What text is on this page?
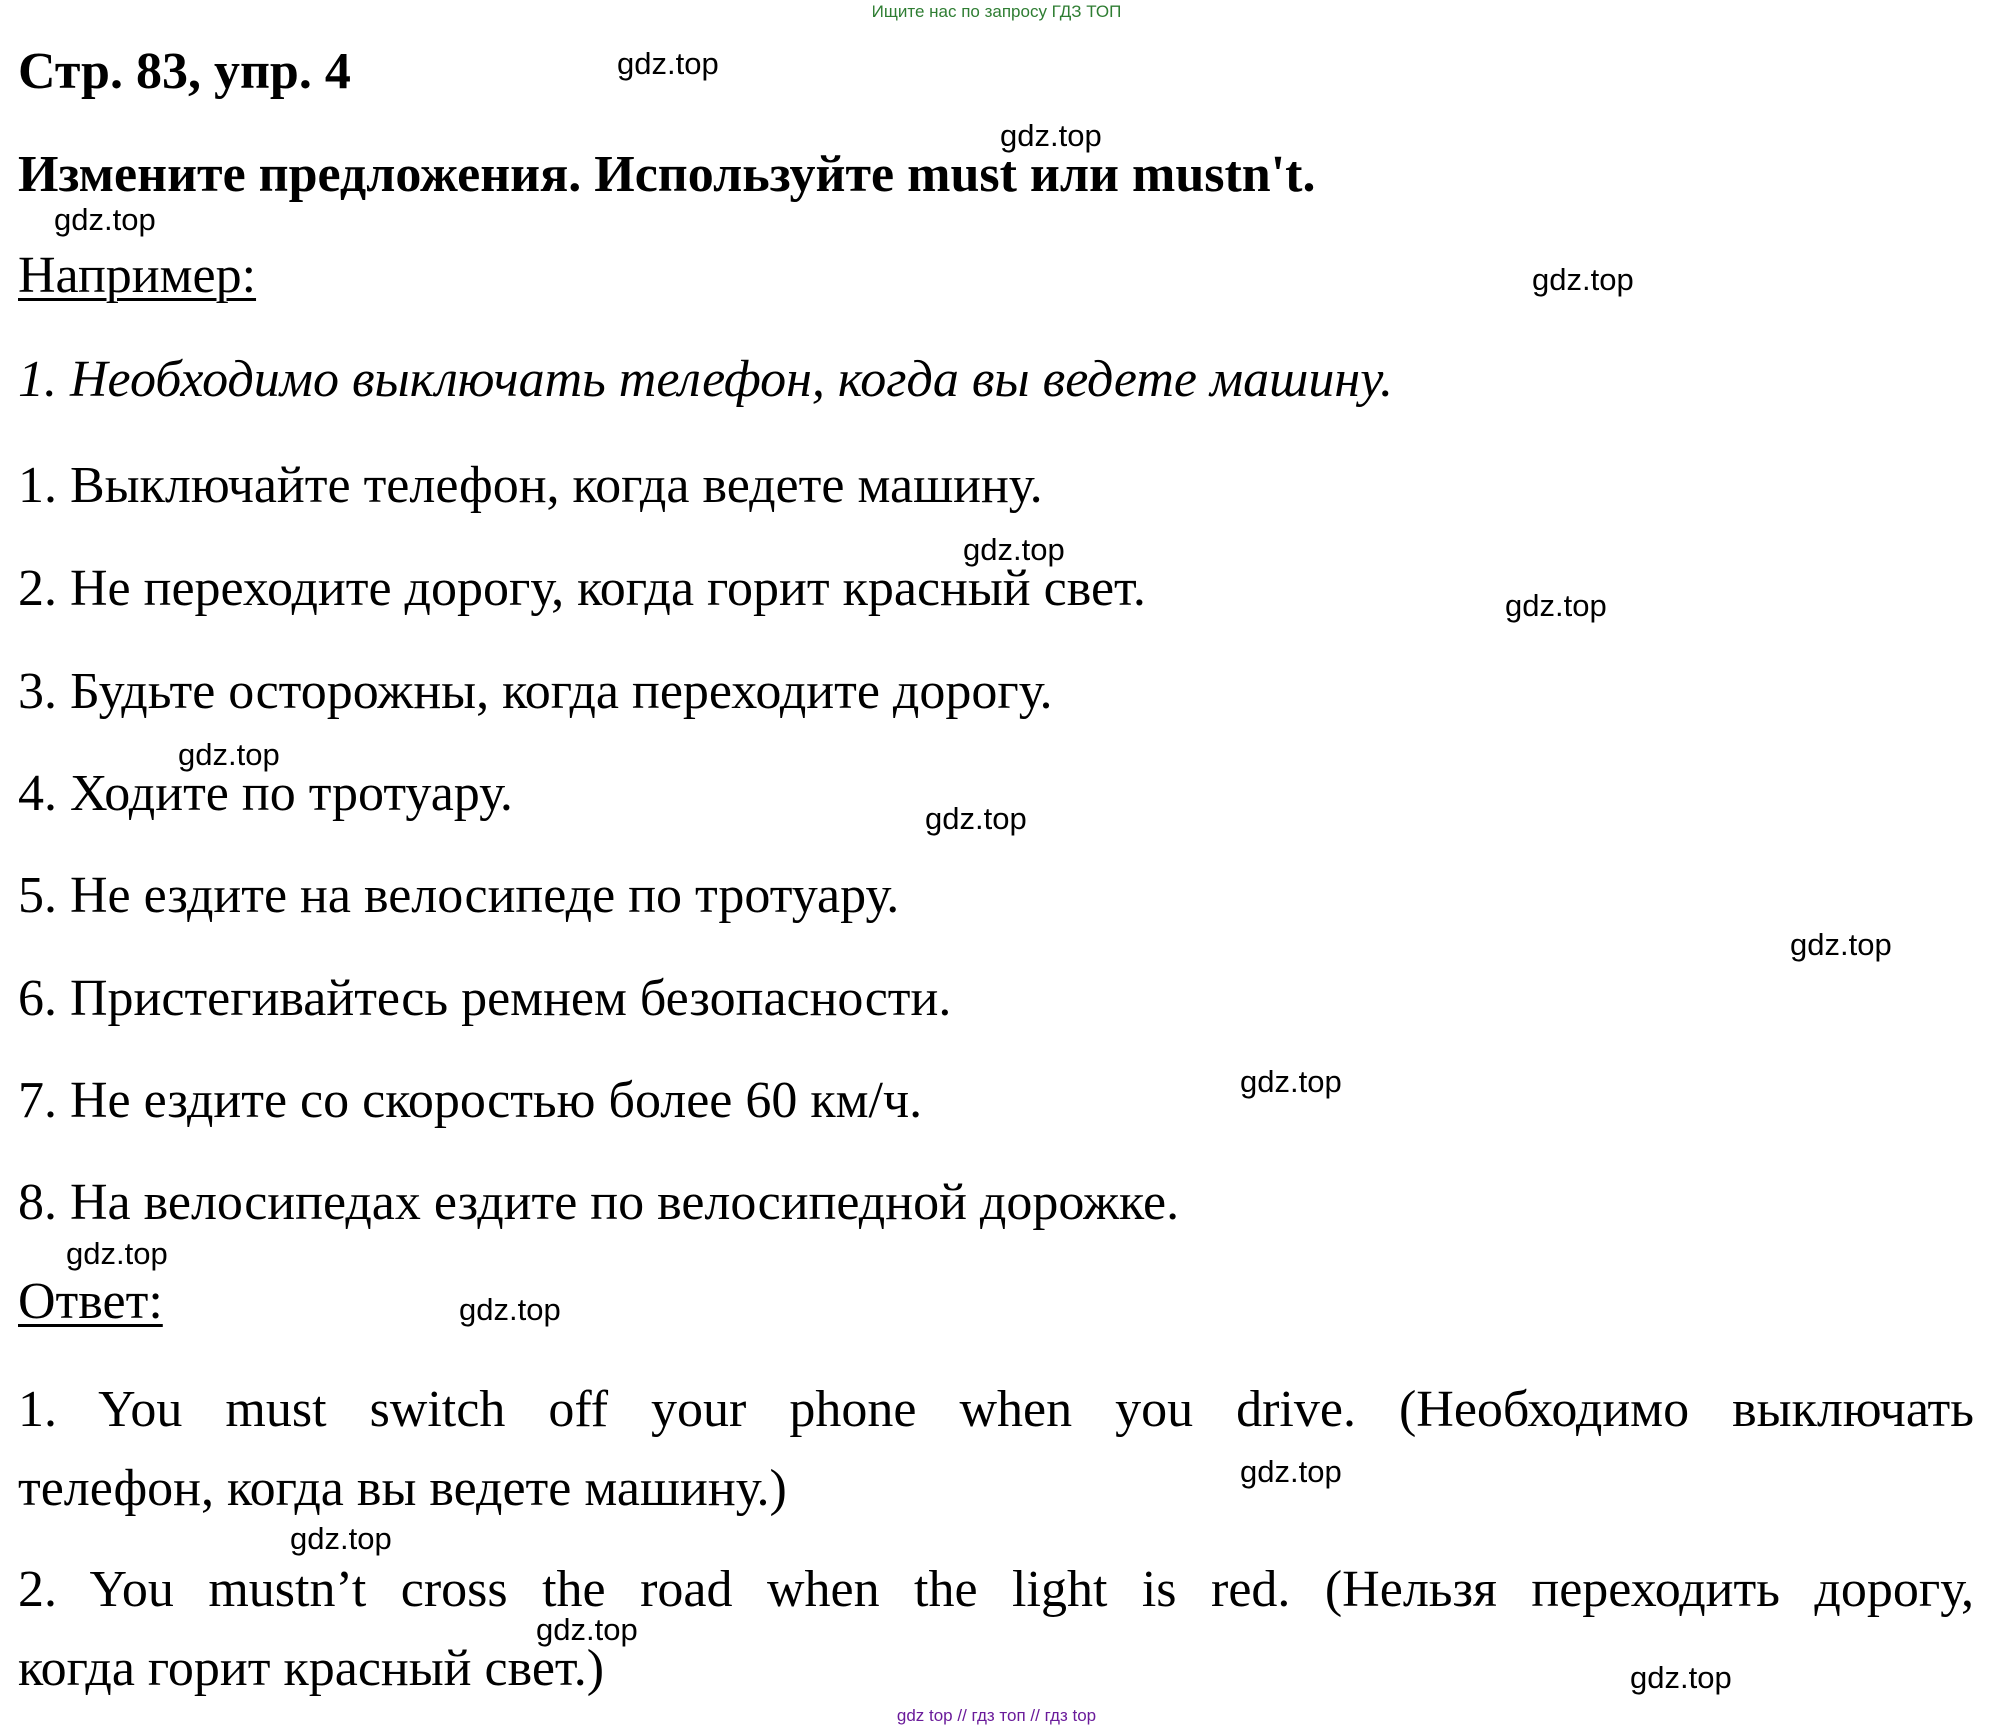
Ищите нас по запросу ГДЗ ТОП
Стр. 83, упр. 4
Измените предложения. Используйте must или mustn't.
Например:
1. Необходимо выключать телефон, когда вы ведете машину.
1. Выключайте телефон, когда ведете машину.
2. Не переходите дорогу, когда горит красный свет.
3. Будьте осторожны, когда переходите дорогу.
4. Ходите по тротуару.
5. Не ездите на велосипеде по тротуару.
6. Пристегивайтесь ремнем безопасности.
7. Не ездите со скоростью более 60 км/ч.
8. На велосипедах ездите по велосипедной дорожке.
Ответ:
1. You must switch off your phone when you drive. (Необходимо выключать
телефон, когда вы ведете машину.)
2. You mustn’t cross the road when the light is red. (Нельзя переходить дорогу,
когда горит красный свет.)
gdz.top
gdz.top
gdz.top
gdz.top
gdz.top
gdz.top
gdz.top
gdz.top
gdz.top
gdz.top
gdz.top
gdz.top
gdz.top
gdz.top
gdz.top
gdz.top
gdz top // гдз топ // гдз top
